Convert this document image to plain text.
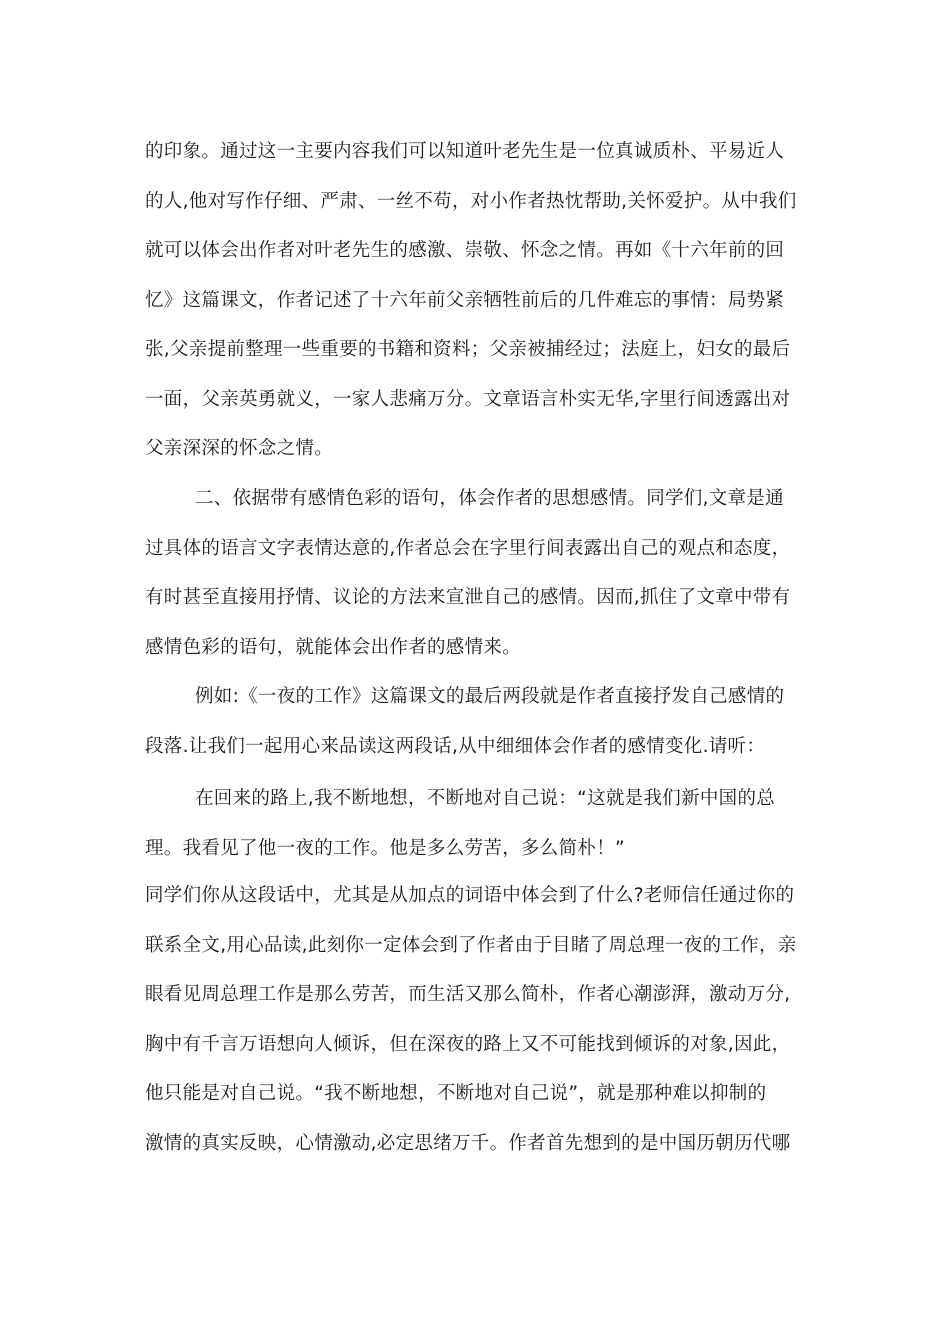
的印象。通过这一主要内容我们可以知道叶老先生是一位真诚质朴、平易近人
的人,他对写作仔细、严肃、一丝不苟，对小作者热忱帮助,关怀爱护。从中我们
就可以体会出作者对叶老先生的感激、崇敬、怀念之情。再如《十六年前的回
忆》这篇课文，作者记述了十六年前父亲牺牲前后的几件难忘的事情：局势紧
张,父亲提前整理一些重要的书籍和资料；父亲被捕经过；法庭上，妇女的最后
一面，父亲英勇就义，一家人悲痛万分。文章语言朴实无华,字里行间透露出对
父亲深深的怀念之情。
二、依据带有感情色彩的语句，体会作者的思想感情。同学们,文章是通
过具体的语言文字表情达意的,作者总会在字里行间表露出自己的观点和态度，
有时甚至直接用抒情、议论的方法来宣泄自己的感情。因而,抓住了文章中带有
感情色彩的语句，就能体会出作者的感情来。
例如:《一夜的工作》这篇课文的最后两段就是作者直接抒发自己感情的
段落.让我们一起用心来品读这两段话,从中细细体会作者的感情变化.请听：
在回来的路上,我不断地想，不断地对自己说：“这就是我们新中国的总
理。我看见了他一夜的工作。他是多么劳苦，多么简朴！”
同学们你从这段话中，尤其是从加点的词语中体会到了什么?老师信任通过你的
联系全文,用心品读,此刻你一定体会到了作者由于目睹了周总理一夜的工作，亲
眼看见周总理工作是那么劳苦，而生活又那么简朴，作者心潮澎湃，激动万分,
胸中有千言万语想向人倾诉，但在深夜的路上又不可能找到倾诉的对象,因此，
他只能是对自己说。“我不断地想，不断地对自己说”，就是那种难以抑制的
激情的真实反映，心情激动,必定思绪万千。作者首先想到的是中国历朝历代哪
